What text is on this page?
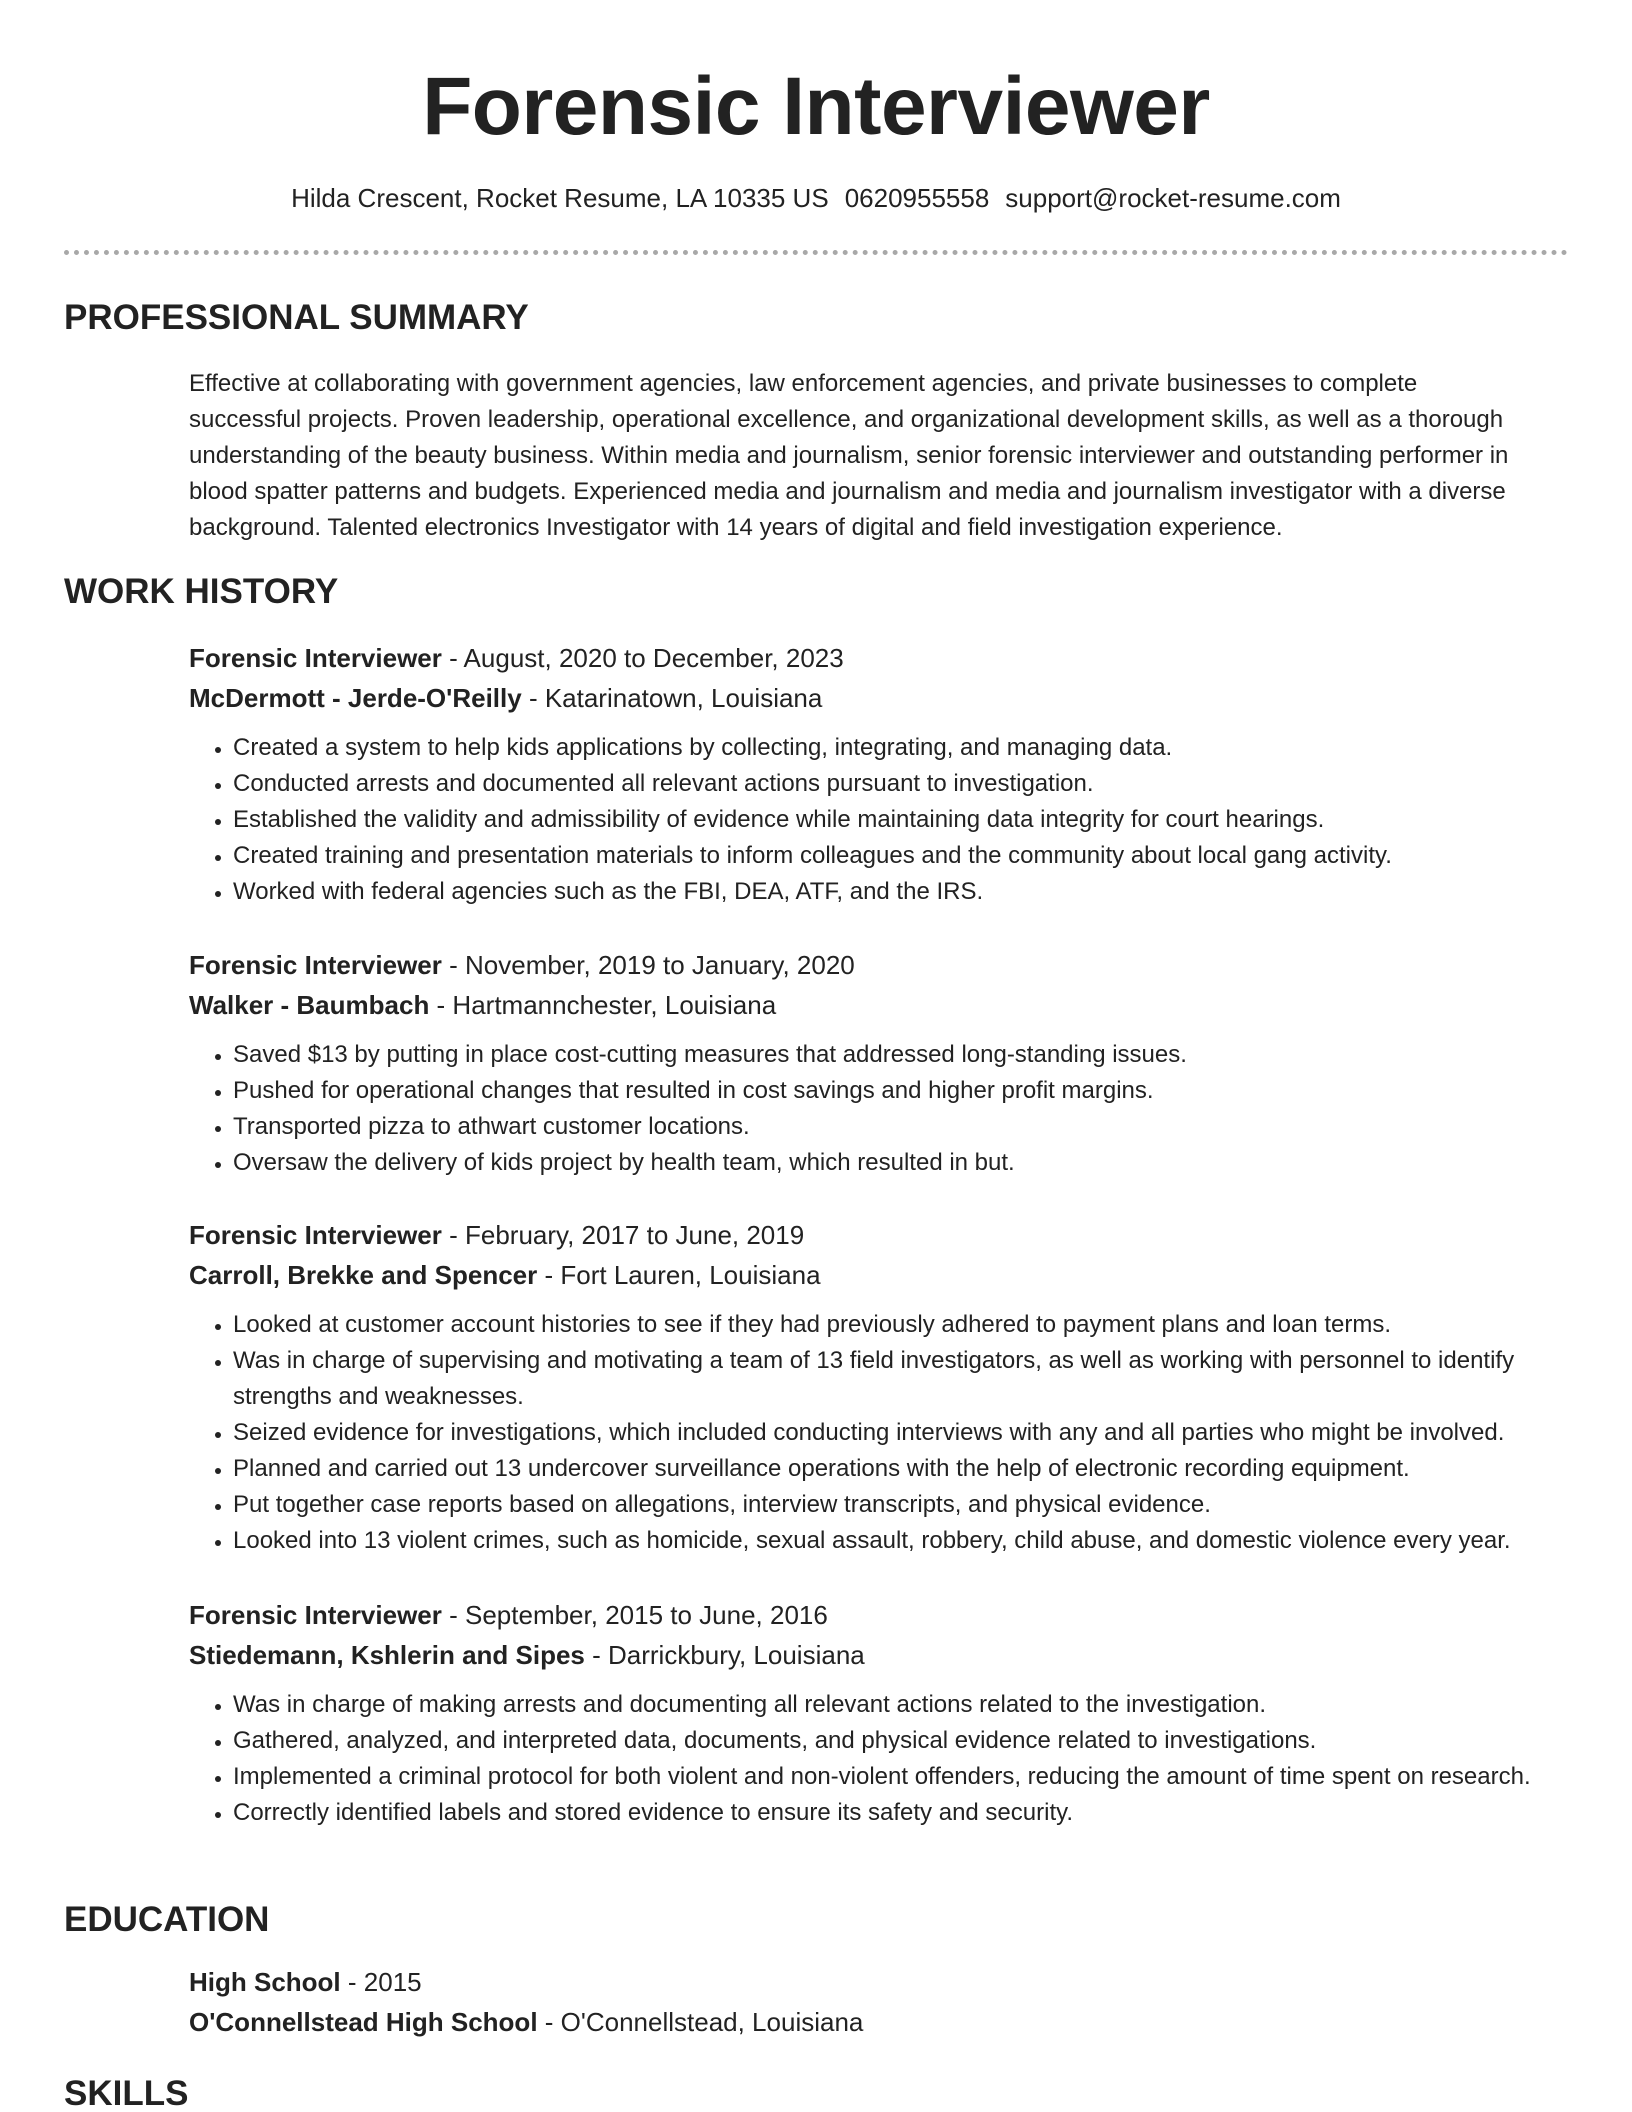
Forensic Interviewer
Hilda Crescent, Rocket Resume, LA 10335 US 0620955558 support@rocket-resume.com
PROFESSIONAL SUMMARY
Effective at collaborating with government agencies, law enforcement agencies, and private businesses to complete
successful projects. Proven leadership, operational excellence, and organizational development skills, as well as a thorough
understanding of the beauty business. Within media and journalism, senior forensic interviewer and outstanding performer in
blood spatter patterns and budgets. Experienced media and journalism and media and journalism investigator with a diverse
background. Talented electronics Investigator with 14 years of digital and field investigation experience.
WORK HISTORY
Forensic Interviewer - August, 2020 to December, 2023
McDermott - Jerde-O'Reilly - Katarinatown, Louisiana
• Created a system to help kids applications by collecting, integrating, and managing data.
• Conducted arrests and documented all relevant actions pursuant to investigation.
• Established the validity and admissibility of evidence while maintaining data integrity for court hearings.
• Created training and presentation materials to inform colleagues and the community about local gang activity.
• Worked with federal agencies such as the FBI, DEA, ATF, and the IRS.
Forensic Interviewer - November, 2019 to January, 2020
Walker - Baumbach - Hartmannchester, Louisiana
• Saved $13 by putting in place cost-cutting measures that addressed long-standing issues.
• Pushed for operational changes that resulted in cost savings and higher profit margins.
• Transported pizza to athwart customer locations.
• Oversaw the delivery of kids project by health team, which resulted in but.
Forensic Interviewer - February, 2017 to June, 2019
Carroll, Brekke and Spencer - Fort Lauren, Louisiana
• Looked at customer account histories to see if they had previously adhered to payment plans and loan terms.
• Was in charge of supervising and motivating a team of 13 field investigators, as well as working with personnel to identify strengths and weaknesses.
• Seized evidence for investigations, which included conducting interviews with any and all parties who might be involved.
• Planned and carried out 13 undercover surveillance operations with the help of electronic recording equipment.
• Put together case reports based on allegations, interview transcripts, and physical evidence.
• Looked into 13 violent crimes, such as homicide, sexual assault, robbery, child abuse, and domestic violence every year.
Forensic Interviewer - September, 2015 to June, 2016
Stiedemann, Kshlerin and Sipes - Darrickbury, Louisiana
• Was in charge of making arrests and documenting all relevant actions related to the investigation.
• Gathered, analyzed, and interpreted data, documents, and physical evidence related to investigations.
• Implemented a criminal protocol for both violent and non-violent offenders, reducing the amount of time spent on research.
• Correctly identified labels and stored evidence to ensure its safety and security.
EDUCATION
High School - 2015
O'Connellstead High School - O'Connellstead, Louisiana
SKILLS
